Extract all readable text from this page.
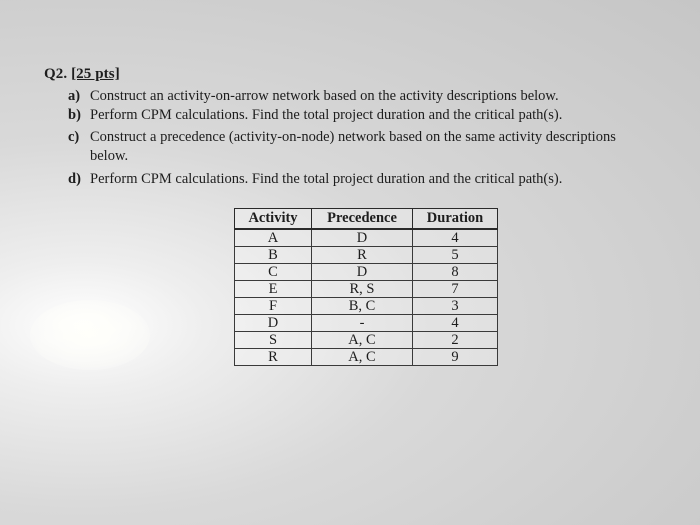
Q2. [25 pts]
a) Construct an activity-on-arrow network based on the activity descriptions below.
b) Perform CPM calculations. Find the total project duration and the critical path(s).
c) Construct a precedence (activity-on-node) network based on the same activity descriptions
below.
d) Perform CPM calculations. Find the total project duration and the critical path(s).
Activity	Precedence	Duration
A	D	4
B	R	5
C	D	8
E	R, S	7
F	B, C	3
D	-	4
S	A, C	2
R	A, C	9
